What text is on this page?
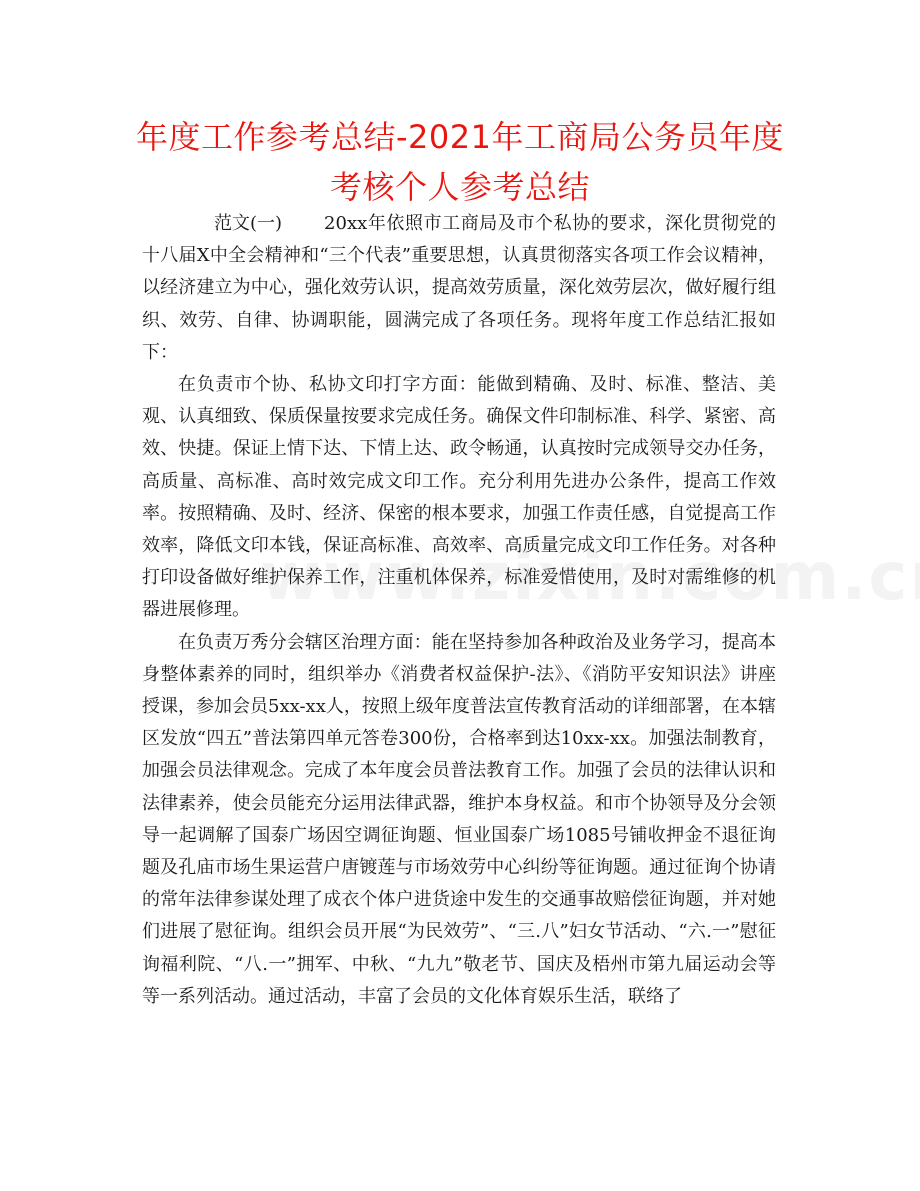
年度工作参考总结-2021年工商局公务员年度考核个人参考总结

范文(一) 20xx年依照市工商局及市个私协的要求，深化贯彻党的十八届X中全会精神和“三个代表”重要思想，认真贯彻落实各项工作会议精神，以经济建立为中心，强化效劳认识，提高效劳质量，深化效劳层次，做好履行组织、效劳、自律、协调职能，圆满完成了各项任务。现将年度工作总结汇报如下：

在负责市个协、私协文印打字方面：能做到精确、及时、标准、整洁、美观、认真细致、保质保量按要求完成任务。确保文件印制标准、科学、紧密、高效、快捷。保证上情下达、下情上达、政令畅通，认真按时完成领导交办任务，高质量、高标准、高时效完成文印工作。充分利用先进办公条件，提高工作效率。按照精确、及时、经济、保密的根本要求，加强工作责任感，自觉提高工作效率，降低文印本钱，保证高标准、高效率、高质量完成文印工作任务。对各种打印设备做好维护保养工作，注重机体保养，标准爱惜使用，及时对需维修的机器进展修理。

在负责万秀分会辖区治理方面：能在坚持参加各种政治及业务学习，提高本身整体素养的同时，组织举办《消费者权益保护-法》、《消防平安知识法》讲座授课，参加会员5xx-xx人，按照上级年度普法宣传教育活动的详细部署，在本辖区发放“四五”普法第四单元答卷300份，合格率到达10xx-xx。加强法制教育，加强会员法律观念。完成了本年度会员普法教育工作。加强了会员的法律认识和法律素养，使会员能充分运用法律武器，维护本身权益。和市个协领导及分会领导一起调解了国泰广场因空调征询题、恒业国泰广场1085号铺收押金不退征询题及孔庙市场生果运营户唐镀莲与市场效劳中心纠纷等征询题。通过征询个协请的常年法律参谋处理了成衣个体户进货途中发生的交通事故赔偿征询题，并对她们进展了慰征询。组织会员开展“为民效劳”、“三.八”妇女节活动、“六.一”慰征询福利院、“八.一”拥军、中秋、“九九”敬老节、国庆及梧州市第九届运动会等等一系列活动。通过活动，丰富了会员的文化体育娱乐生活，联络了
